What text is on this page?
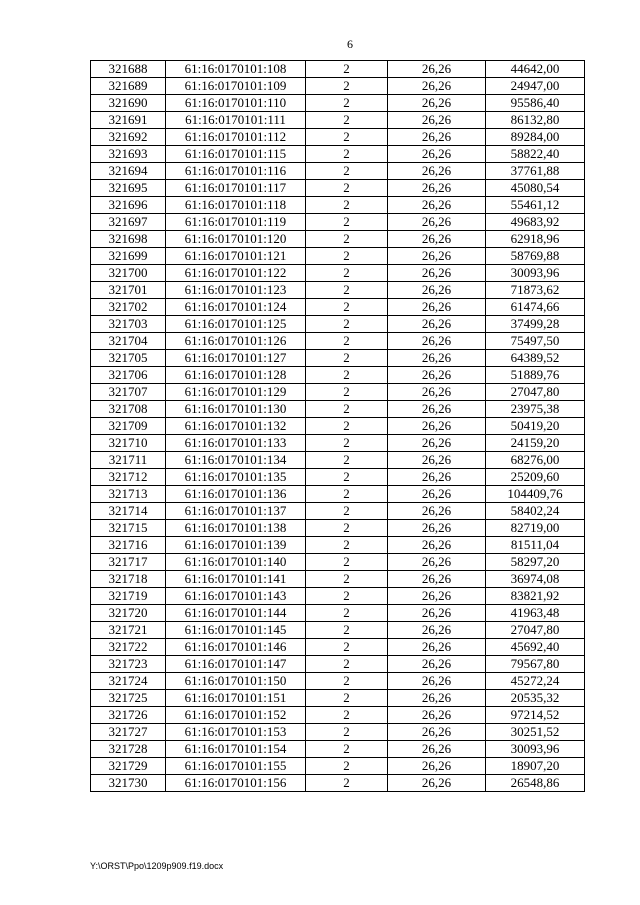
6
321688	61:16:0170101:108	2	26,26	44642,00
321689	61:16:0170101:109	2	26,26	24947,00
321690	61:16:0170101:110	2	26,26	95586,40
321691	61:16:0170101:111	2	26,26	86132,80
321692	61:16:0170101:112	2	26,26	89284,00
321693	61:16:0170101:115	2	26,26	58822,40
321694	61:16:0170101:116	2	26,26	37761,88
321695	61:16:0170101:117	2	26,26	45080,54
321696	61:16:0170101:118	2	26,26	55461,12
321697	61:16:0170101:119	2	26,26	49683,92
321698	61:16:0170101:120	2	26,26	62918,96
321699	61:16:0170101:121	2	26,26	58769,88
321700	61:16:0170101:122	2	26,26	30093,96
321701	61:16:0170101:123	2	26,26	71873,62
321702	61:16:0170101:124	2	26,26	61474,66
321703	61:16:0170101:125	2	26,26	37499,28
321704	61:16:0170101:126	2	26,26	75497,50
321705	61:16:0170101:127	2	26,26	64389,52
321706	61:16:0170101:128	2	26,26	51889,76
321707	61:16:0170101:129	2	26,26	27047,80
321708	61:16:0170101:130	2	26,26	23975,38
321709	61:16:0170101:132	2	26,26	50419,20
321710	61:16:0170101:133	2	26,26	24159,20
321711	61:16:0170101:134	2	26,26	68276,00
321712	61:16:0170101:135	2	26,26	25209,60
321713	61:16:0170101:136	2	26,26	104409,76
321714	61:16:0170101:137	2	26,26	58402,24
321715	61:16:0170101:138	2	26,26	82719,00
321716	61:16:0170101:139	2	26,26	81511,04
321717	61:16:0170101:140	2	26,26	58297,20
321718	61:16:0170101:141	2	26,26	36974,08
321719	61:16:0170101:143	2	26,26	83821,92
321720	61:16:0170101:144	2	26,26	41963,48
321721	61:16:0170101:145	2	26,26	27047,80
321722	61:16:0170101:146	2	26,26	45692,40
321723	61:16:0170101:147	2	26,26	79567,80
321724	61:16:0170101:150	2	26,26	45272,24
321725	61:16:0170101:151	2	26,26	20535,32
321726	61:16:0170101:152	2	26,26	97214,52
321727	61:16:0170101:153	2	26,26	30251,52
321728	61:16:0170101:154	2	26,26	30093,96
321729	61:16:0170101:155	2	26,26	18907,20
321730	61:16:0170101:156	2	26,26	26548,86
Y:\ORST\Ppo\1209p909.f19.docx
